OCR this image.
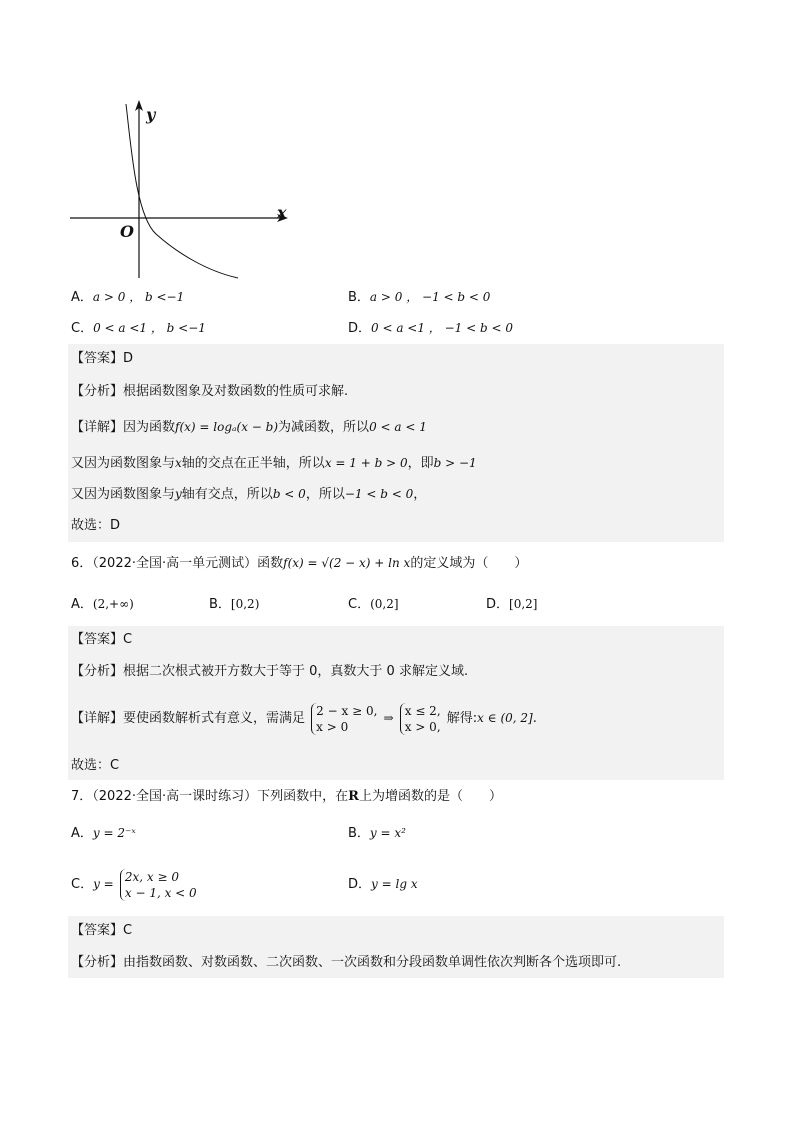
y
x
O
A．a > 0 ， b <−1	B．a > 0 ， −1 < b < 0
C．0 < a <1 ， b <−1	D．0 < a <1 ， −1 < b < 0
【答案】D
【分析】根据函数图象及对数函数的性质可求解.
【详解】因为函数f(x) = logₐ(x − b)为减函数，所以0 < a < 1
又因为函数图象与x轴的交点在正半轴，所以x = 1 + b > 0，即b > −1
又因为函数图象与y轴有交点，所以b < 0，所以−1 < b < 0，
故选：D
6．（2022·全国·高一单元测试）函数f(x) = √(2 − x) + ln x的定义域为（　　）
A．(2,+∞)	B．[0,2)	C．(0,2]	D．[0,2]
【答案】C
【分析】根据二次根式被开方数大于等于 0，真数大于 0 求解定义域.
【详解】要使函数解析式有意义，需满足
2 − x ≥ 0,
x > 0
⇒
x ≤ 2,
x > 0,
解得:x ∈ (0, 2].
故选：C
7．（2022·全国·高一课时练习）下列函数中，在R上为增函数的是（　　）
A．y = 2⁻ˣ	B．y = x²
C．y =
2x, x ≥ 0
x − 1, x < 0
D．y = lg x
【答案】C
【分析】由指数函数、对数函数、二次函数、一次函数和分段函数单调性依次判断各个选项即可.
